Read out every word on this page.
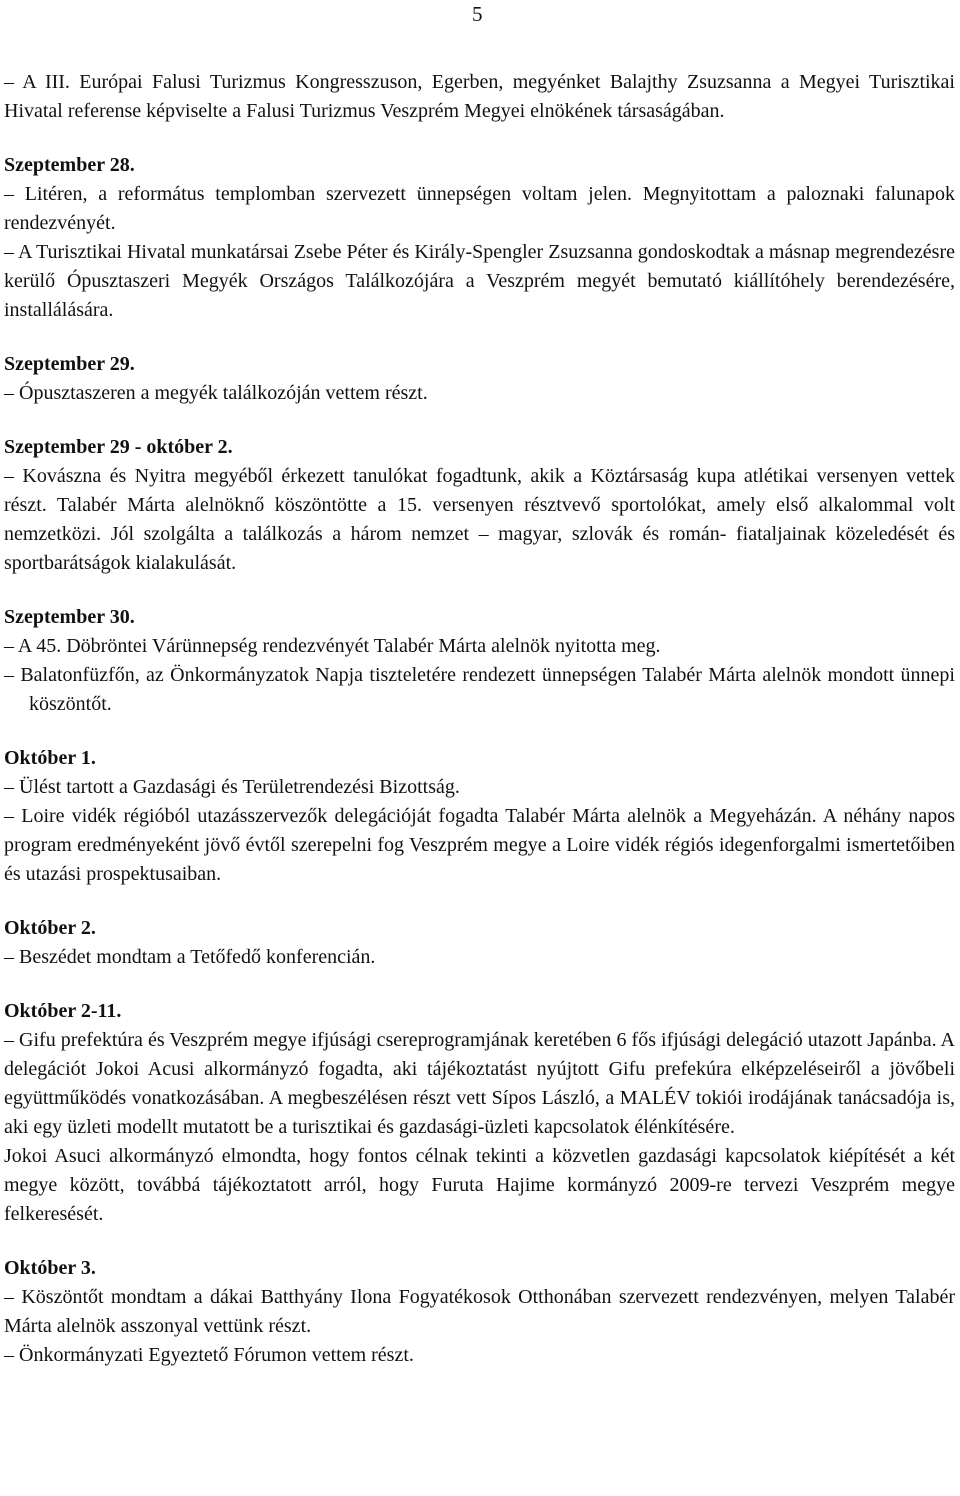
5

– A III. Európai Falusi Turizmus Kongresszuson, Egerben, megyénket Balajthy Zsuzsanna a Megyei Turisztikai Hivatal referense képviselte a Falusi Turizmus Veszprém Megyei elnökének társaságában.

Szeptember 28.

– Litéren, a református templomban szervezett ünnepségen voltam jelen. Megnyitottam a paloznaki falunapok rendezvényét.

– A Turisztikai Hivatal munkatársai Zsebe Péter és Király-Spengler Zsuzsanna gondoskodtak a másnap megrendezésre kerülő Ópusztaszeri Megyék Országos Találkozójára a Veszprém megyét bemutató kiállítóhely berendezésére, installálására.

Szeptember 29.

– Ópusztaszeren a megyék találkozóján vettem részt.

Szeptember 29 - október 2.

– Kovászna és Nyitra megyéből érkezett tanulókat fogadtunk, akik a Köztársaság kupa atlétikai versenyen vettek részt. Talabér Márta alelnöknő köszöntötte a 15. versenyen résztvevő sportolókat, amely első alkalommal volt nemzetközi. Jól szolgálta a találkozás a három nemzet – magyar, szlovák és román- fiataljainak közeledését és sportbarátságok kialakulását.

Szeptember 30.

– A 45. Döbröntei Várünnepség rendezvényét Talabér Márta alelnök nyitotta meg.

– Balatonfüzfőn, az Önkormányzatok Napja tiszteletére rendezett ünnepségen Talabér Márta alelnök mondott ünnepi köszöntőt.

Október 1.

– Ülést tartott a Gazdasági és Területrendezési Bizottság.

– Loire vidék régióból utazásszervezők delegációját fogadta Talabér Márta alelnök a Megyeházán. A néhány napos program eredményeként jövő évtől szerepelni fog Veszprém megye a Loire vidék régiós idegenforgalmi ismertetőiben és utazási prospektusaiban.

Október 2.

– Beszédet mondtam a Tetőfedő konferencián.

Október 2-11.

– Gifu prefektúra és Veszprém megye ifjúsági csereprogramjának keretében 6 fős ifjúsági delegáció utazott Japánba. A delegációt Jokoi Acusi alkormányzó fogadta, aki tájékoztatást nyújtott Gifu prefekúra elképzeléseiről a jövőbeli együttműködés vonatkozásában. A megbeszélésen részt vett Sípos László, a MALÉV tokiói irodájának tanácsadója is, aki egy üzleti modellt mutatott be a turisztikai és gazdasági-üzleti kapcsolatok élénkítésére.

Jokoi Asuci alkormányzó elmondta, hogy fontos célnak tekinti a közvetlen gazdasági kapcsolatok kiépítését a két megye között, továbbá tájékoztatott arról, hogy Furuta Hajime kormányzó 2009-re tervezi Veszprém megye felkeresését.

Október 3.

– Köszöntőt mondtam a dákai Batthyány Ilona Fogyatékosok Otthonában szervezett rendezvényen, melyen Talabér Márta alelnök asszonyal vettünk részt.

– Önkormányzati Egyeztető Fórumon vettem részt.
